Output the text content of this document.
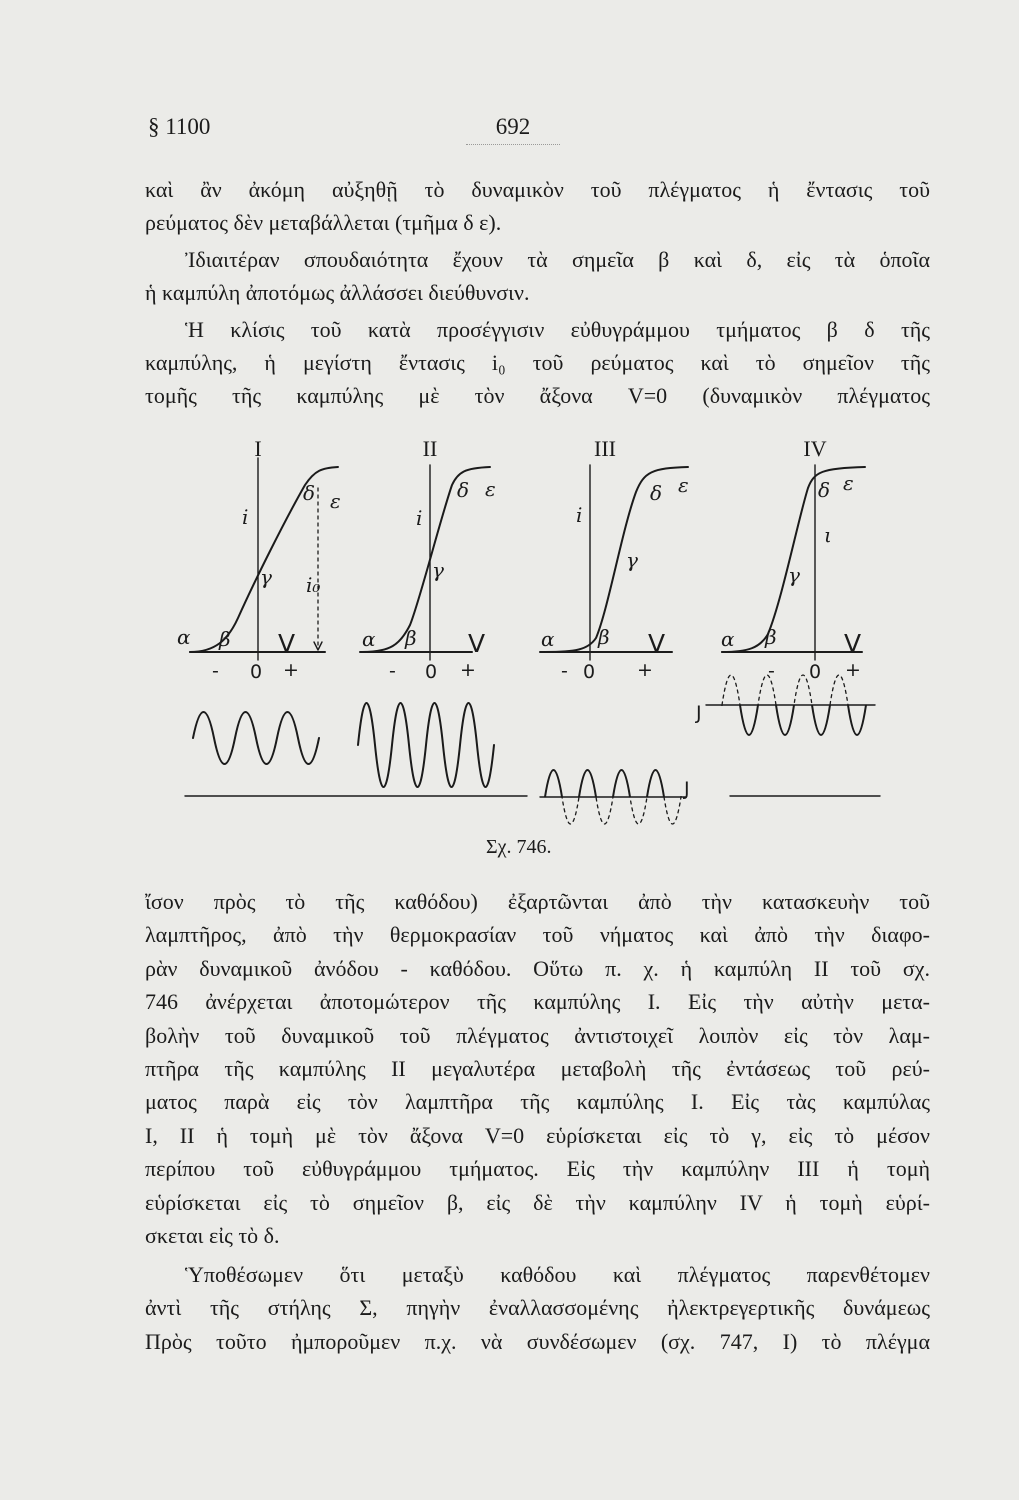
§ 1100	692
καὶ ἂν ἀκόμη αὐξηθῇ τὸ δυναμικὸν τοῦ πλέγματος ἡ ἔντασις τοῦ
ρεύματος δὲν μεταβάλλεται (τμῆμα δ ε).
Ἰδιαιτέραν σπουδαιότητα ἔχουν τὰ σημεῖα β καὶ δ, εἰς τὰ ὁποῖα
ἡ καμπύλη ἀποτόμως ἀλλάσσει διεύθυνσιν.
Ἡ κλίσις τοῦ κατὰ προσέγγισιν εὐθυγράμμου τμήματος β δ τῆς
καμπύλης, ἡ μεγίστη ἔντασις i₀ τοῦ ρεύματος καὶ τὸ σημεῖον τῆς
τομῆς τῆς καμπύλης μὲ τὸν ἄξονα V=0 (δυναμικὸν πλέγματος
I
i
γ
δ ε
i₀
α β V
- 0 +
II
i
δ ε
γ
α β V
- 0 +
III
i
δ ε
γ
α β V
- 0 +
J
IV
δ ε
ι
γ
α β	V
- 0 +
J
Σχ. 746.
ἴσον πρὸς τὸ τῆς καθόδου) ἐξαρτῶνται ἀπὸ τὴν κατασκευὴν τοῦ
λαμπτῆρος, ἀπὸ τὴν θερμοκρασίαν τοῦ νήματος καὶ ἀπὸ τὴν διαφο-
ρὰν δυναμικοῦ ἀνόδου - καθόδου. Οὕτω π. χ. ἡ καμπύλη II τοῦ σχ.
746 ἀνέρχεται ἀποτομώτερον τῆς καμπύλης I. Εἰς τὴν αὐτὴν μετα-
βολὴν τοῦ δυναμικοῦ τοῦ πλέγματος ἀντιστοιχεῖ λοιπὸν εἰς τὸν λαμ-
πτῆρα τῆς καμπύλης II μεγαλυτέρα μεταβολὴ τῆς ἐντάσεως τοῦ ρεύ-
ματος παρὰ εἰς τὸν λαμπτῆρα τῆς καμπύλης I. Εἰς τὰς καμπύλας
I, II ἡ τομὴ μὲ τὸν ἄξονα V=0 εὑρίσκεται εἰς τὸ γ, εἰς τὸ μέσον
περίπου τοῦ εὐθυγράμμου τμήματος. Εἰς τὴν καμπύλην III ἡ τομὴ
εὑρίσκεται εἰς τὸ σημεῖον β, εἰς δὲ τὴν καμπύλην IV ἡ τομὴ εὑρί-
σκεται εἰς τὸ δ.
Ὑποθέσωμεν ὅτι μεταξὺ καθόδου καὶ πλέγματος παρενθέτομεν
ἀντὶ τῆς στήλης Σ, πηγὴν ἐναλλασσομένης ἠλεκτρεγερτικῆς δυνάμεως
Πρὸς τοῦτο ἠμποροῦμεν π.χ. νὰ συνδέσωμεν (σχ. 747, I) τὸ πλέγμα
